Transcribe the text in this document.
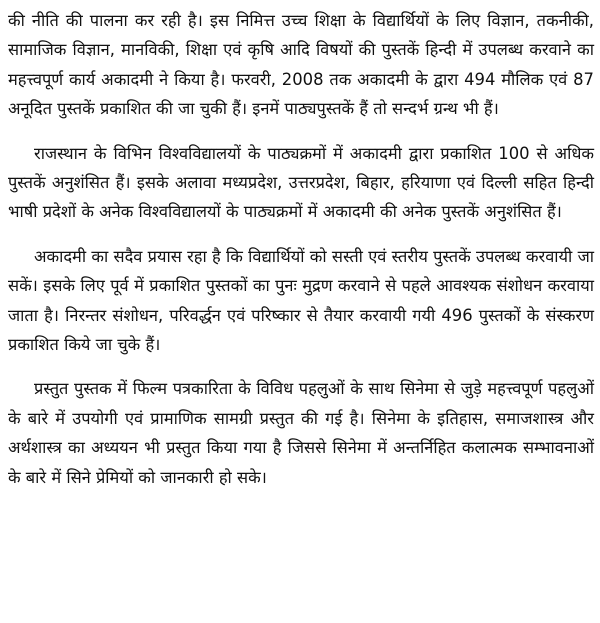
की नीति की पालना कर रही है। इस निमित्त उच्च शिक्षा के विद्यार्थियों के लिए विज्ञान, तकनीकी, सामाजिक विज्ञान, मानविकी, शिक्षा एवं कृषि आदि विषयों की पुस्तकें हिन्दी में उपलब्ध करवाने का महत्त्वपूर्ण कार्य अकादमी ने किया है। फरवरी, 2008 तक अकादमी के द्वारा 494 मौलिक एवं 87 अनूदित पुस्तकें प्रकाशित की जा चुकी हैं। इनमें पाठ्यपुस्तकें हैं तो सन्दर्भ ग्रन्थ भी हैं।

राजस्थान के विभिन विश्वविद्यालयों के पाठ्यक्रमों में अकादमी द्वारा प्रकाशित 100 से अधिक पुस्तकें अनुशंसित हैं। इसके अलावा मध्यप्रदेश, उत्तरप्रदेश, बिहार, हरियाणा एवं दिल्ली सहित हिन्दी भाषी प्रदेशों के अनेक विश्वविद्यालयों के पाठ्यक्रमों में अकादमी की अनेक पुस्तकें अनुशंसित हैं।

अकादमी का सदैव प्रयास रहा है कि विद्यार्थियों को सस्ती एवं स्तरीय पुस्तकें उपलब्ध करवायी जा सकें। इसके लिए पूर्व में प्रकाशित पुस्तकों का पुनः मुद्रण करवाने से पहले आवश्यक संशोधन करवाया जाता है। निरन्तर संशोधन, परिवर्द्धन एवं परिष्कार से तैयार करवायी गयी 496 पुस्तकों के संस्करण प्रकाशित किये जा चुके हैं।

प्रस्तुत पुस्तक में फिल्म पत्रकारिता के विविध पहलुओं के साथ सिनेमा से जुड़े महत्त्वपूर्ण पहलुओं के बारे में उपयोगी एवं प्रामाणिक सामग्री प्रस्तुत की गई है। सिनेमा के इतिहास, समाजशास्त्र और अर्थशास्त्र का अध्ययन भी प्रस्तुत किया गया है जिससे सिनेमा में अन्तर्निहित कलात्मक सम्भावनाओं के बारे में सिने प्रेमियों को जानकारी हो सके।
